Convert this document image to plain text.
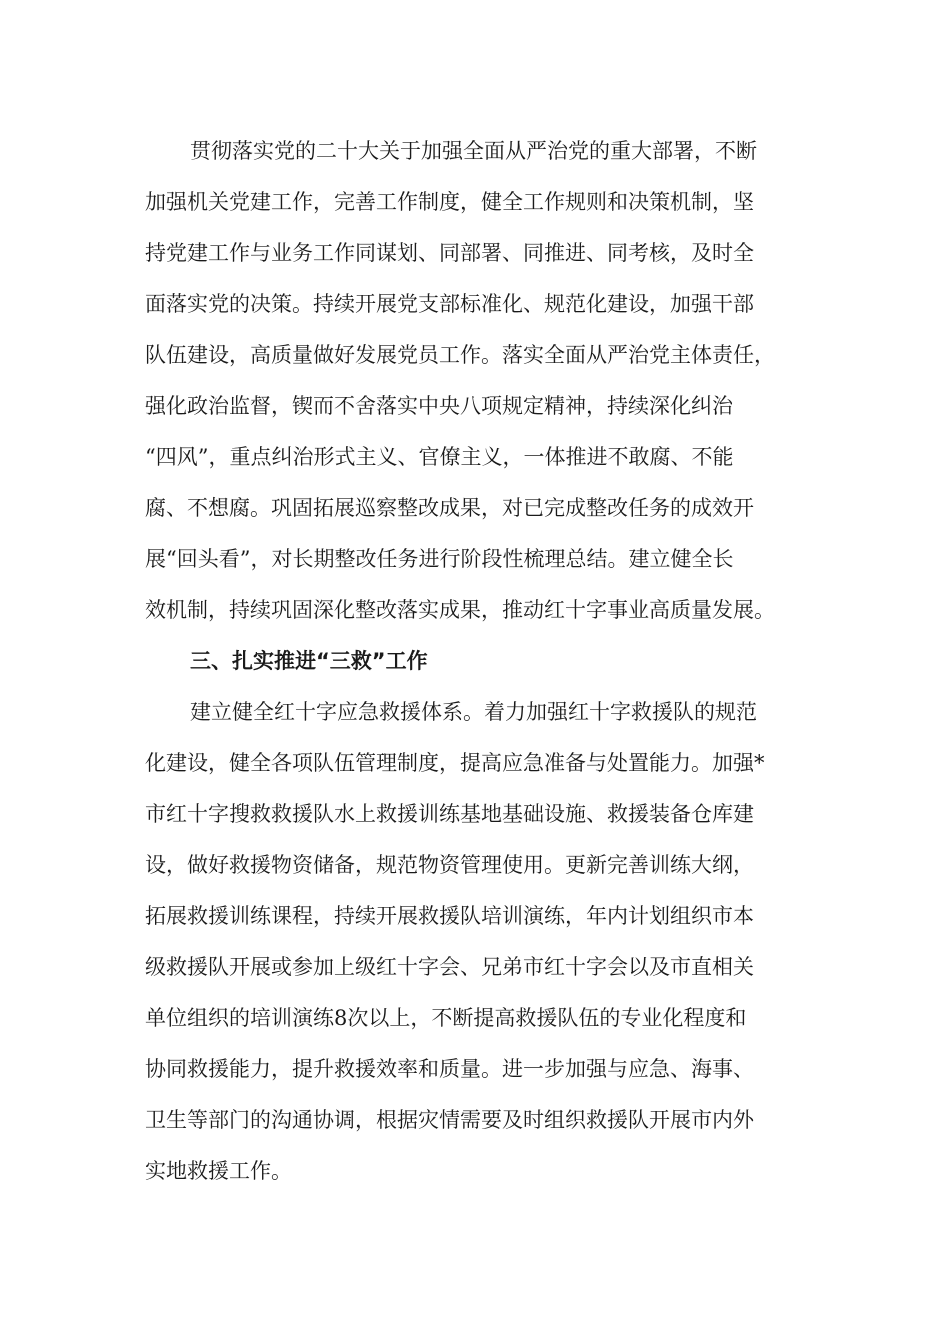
贯彻落实党的二十大关于加强全面从严治党的重大部署，不断
加强机关党建工作，完善工作制度，健全工作规则和决策机制，坚
持党建工作与业务工作同谋划、同部署、同推进、同考核，及时全
面落实党的决策。持续开展党支部标准化、规范化建设，加强干部
队伍建设，高质量做好发展党员工作。落实全面从严治党主体责任，
强化政治监督，锲而不舍落实中央八项规定精神，持续深化纠治
“四风”，重点纠治形式主义、官僚主义，一体推进不敢腐、不能
腐、不想腐。巩固拓展巡察整改成果，对已完成整改任务的成效开
展“回头看”，对长期整改任务进行阶段性梳理总结。建立健全长
效机制，持续巩固深化整改落实成果，推动红十字事业高质量发展。
三、扎实推进“三救”工作
建立健全红十字应急救援体系。着力加强红十字救援队的规范
化建设，健全各项队伍管理制度，提高应急准备与处置能力。加强*
市红十字搜救救援队水上救援训练基地基础设施、救援装备仓库建
设，做好救援物资储备，规范物资管理使用。更新完善训练大纲，
拓展救援训练课程，持续开展救援队培训演练，年内计划组织市本
级救援队开展或参加上级红十字会、兄弟市红十字会以及市直相关
单位组织的培训演练8次以上，不断提高救援队伍的专业化程度和
协同救援能力，提升救援效率和质量。进一步加强与应急、海事、
卫生等部门的沟通协调，根据灾情需要及时组织救援队开展市内外
实地救援工作。
